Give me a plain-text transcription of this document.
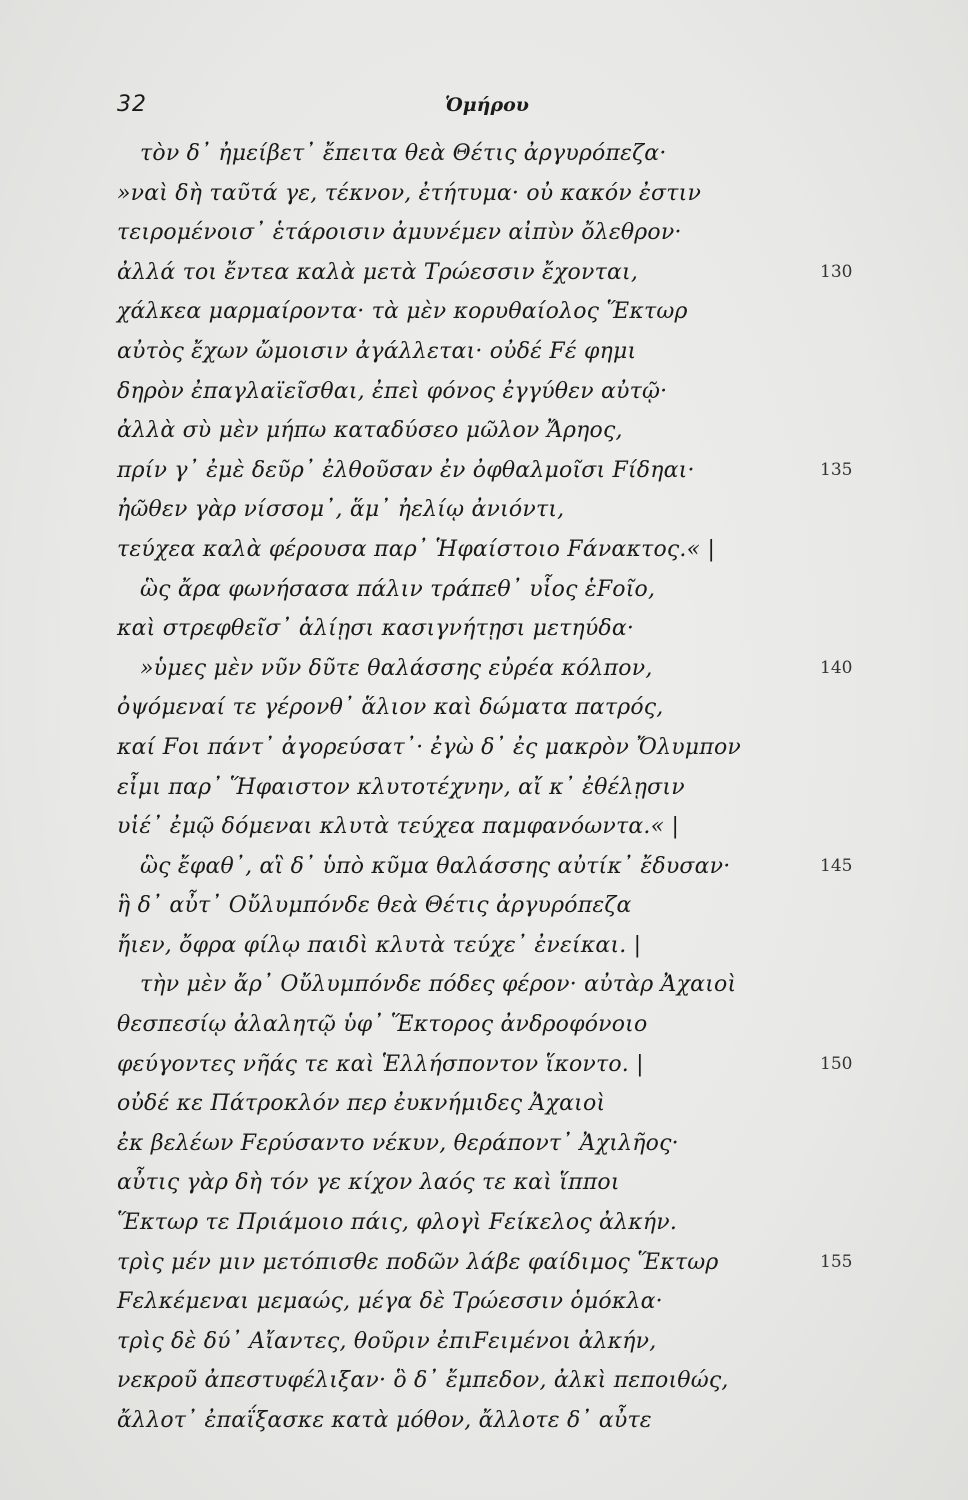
32	Ὁμήρου
τὸν δ᾽ ἠμείβετ᾽ ἔπειτα θεὰ Θέτις ἀργυρόπεζα·
»ναὶ δὴ ταῦτά γε, τέκνον, ἐτήτυμα· οὐ κακόν ἐστιν
τειρομένοισ᾽ ἑτάροισιν ἀμυνέμεν αἰπὺν ὄλεθρον·
ἀλλά τοι ἔντεα καλὰ μετὰ Τρώεσσιν ἔχονται,	130
χάλκεα μαρμαίροντα· τὰ μὲν κορυθαίολος Ἕκτωρ
αὐτὸς ἔχων ὤμοισιν ἀγάλλεται· οὐδέ Fέ φημι
δηρὸν ἐπαγλαϊεῖσθαι, ἐπεὶ φόνος ἐγγύθεν αὐτῷ·
ἀλλὰ σὺ μὲν μήπω καταδύσεο μῶλον Ἄρηος,
πρίν γ᾽ ἐμὲ δεῦρ᾽ ἐλθοῦσαν ἐν ὀφθαλμοῖσι Fίδηαι·	135
ἠῶθεν γὰρ νίσσομ᾽, ἅμ᾽ ἠελίῳ ἀνιόντι,
τεύχεα καλὰ φέρουσα παρ᾽ Ἡφαίστοιο Fάνακτος.« |
ὣς ἄρα φωνήσασα πάλιν τράπεθ᾽ υἷος ἑFοῖο,
καὶ στρεφθεῖσ᾽ ἁλίῃσι κασιγνήτῃσι μετηύδα·
»ὑμες μὲν νῦν δῦτε θαλάσσης εὐρέα κόλπον,	140
ὀψόμεναί τε γέρονθ᾽ ἅλιον καὶ δώματα πατρός,
καί Fοι πάντ᾽ ἀγορεύσατ᾽· ἐγὼ δ᾽ ἐς μακρὸν Ὄλυμπον
εἶμι παρ᾽ Ἥφαιστον κλυτοτέχνην, αἴ κ᾽ ἐθέλῃσιν
υἱέ᾽ ἐμῷ δόμεναι κλυτὰ τεύχεα παμφανόωντα.« |
ὣς ἔφαθ᾽, αἳ δ᾽ ὑπὸ κῦμα θαλάσσης αὐτίκ᾽ ἔδυσαν·	145
ἣ δ᾽ αὖτ᾽ Οὔλυμπόνδε θεὰ Θέτις ἀργυρόπεζα
ἤιεν, ὄφρα φίλῳ παιδὶ κλυτὰ τεύχε᾽ ἐνείκαι. |
τὴν μὲν ἄρ᾽ Οὔλυμπόνδε πόδες φέρον· αὐτὰρ Ἀχαιοὶ
θεσπεσίῳ ἀλαλητῷ ὑφ᾽ Ἕκτορος ἀνδροφόνοιο
φεύγοντες νῆάς τε καὶ Ἑλλήσποντον ἵκοντο. |	150
οὐδέ κε Πάτροκλόν περ ἐυκνήμιδες Ἀχαιοὶ
ἐκ βελέων Fερύσαντο νέκυν, θεράποντ᾽ Ἀχιλῆος·
αὖτις γὰρ δὴ τόν γε κίχον λαός τε καὶ ἵπποι
Ἕκτωρ τε Πριάμοιο πάις, φλογὶ Fείκελος ἀλκήν.
τρὶς μέν μιν μετόπισθε ποδῶν λάβε φαίδιμος Ἕκτωρ	155
Fελκέμεναι μεμαώς, μέγα δὲ Τρώεσσιν ὁμόκλα·
τρὶς δὲ δύ᾽ Αἴαντες, θοῦριν ἐπιFειμένοι ἀλκήν,
νεκροῦ ἀπεστυφέλιξαν· ὃ δ᾽ ἔμπεδον, ἀλκὶ πεποιθώς,
ἄλλοτ᾽ ἐπαΐξασκε κατὰ μόθον, ἄλλοτε δ᾽ αὖτε
